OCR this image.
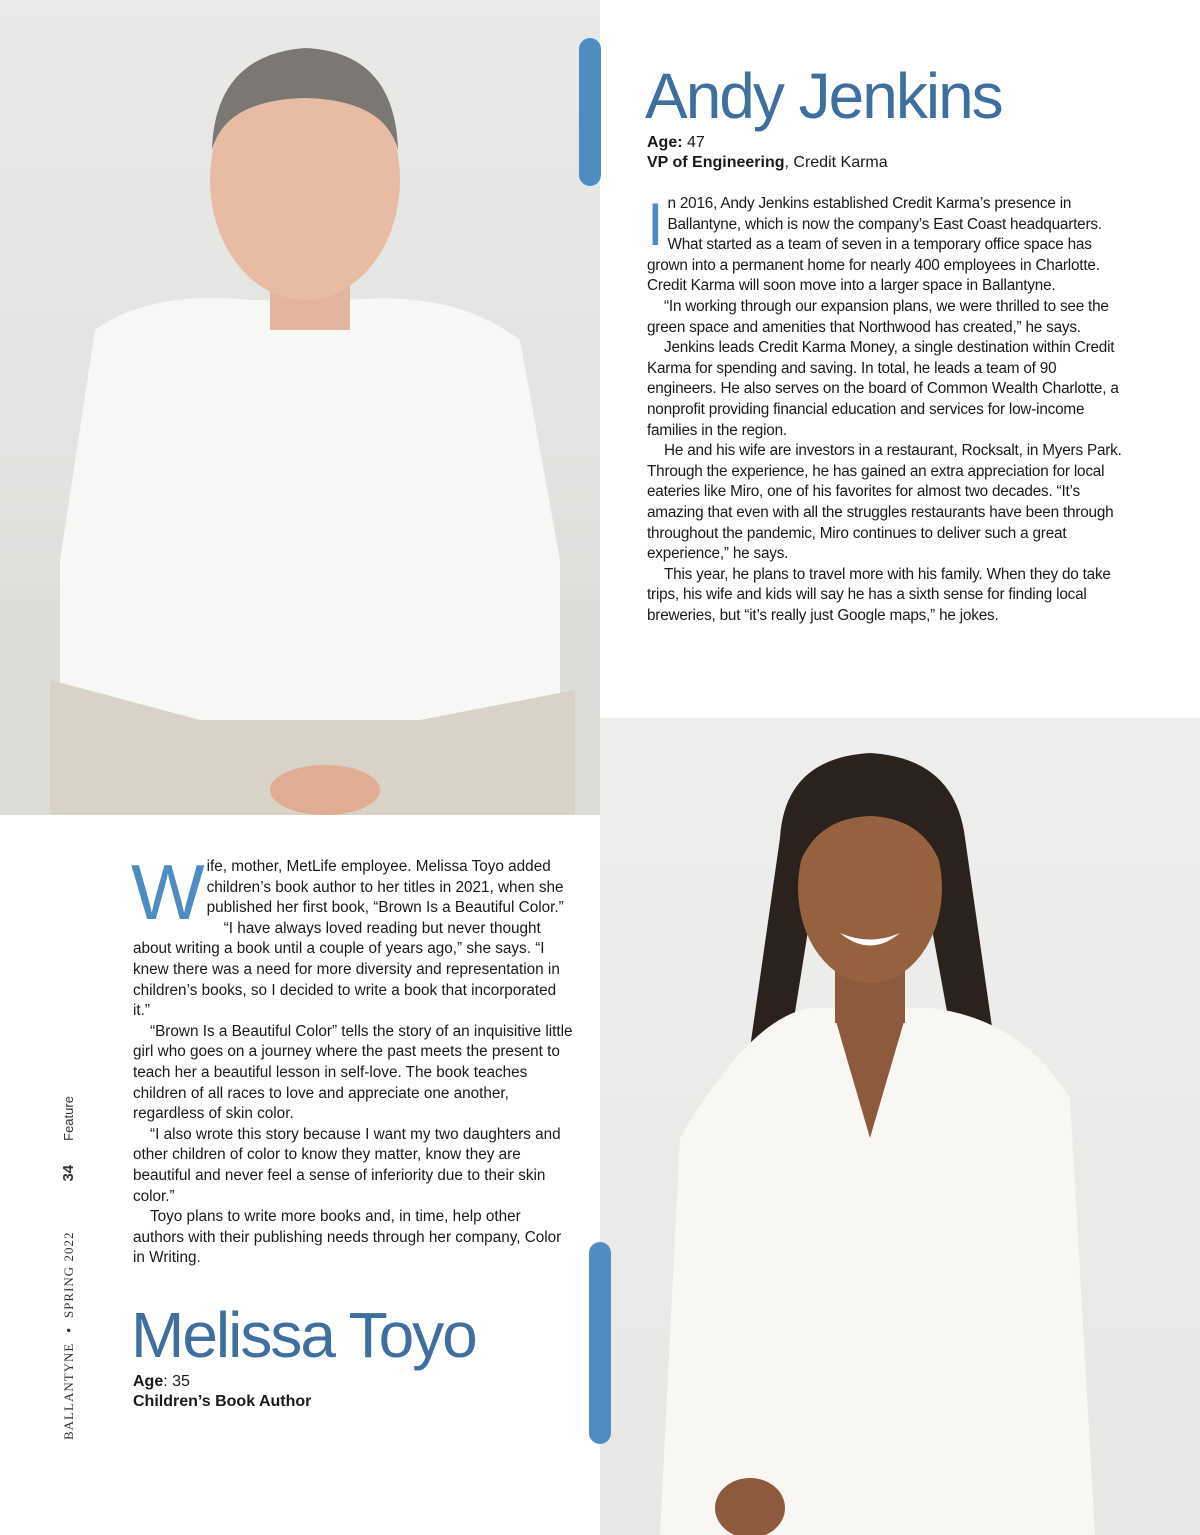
Andy Jenkins
Age: 47
VP of Engineering, Credit Karma

In 2016, Andy Jenkins established Credit Karma’s presence in Ballantyne, which is now the company’s East Coast headquarters. What started as a team of seven in a temporary office space has grown into a permanent home for nearly 400 employees in Charlotte. Credit Karma will soon move into a larger space in Ballantyne.

“In working through our expansion plans, we were thrilled to see the green space and amenities that Northwood has created,” he says.

Jenkins leads Credit Karma Money, a single destination within Credit Karma for spending and saving. In total, he leads a team of 90 engineers. He also serves on the board of Common Wealth Charlotte, a nonprofit providing financial education and services for low-income families in the region.

He and his wife are investors in a restaurant, Rocksalt, in Myers Park. Through the experience, he has gained an extra appreciation for local eateries like Miro, one of his favorites for almost two decades. “It’s amazing that even with all the struggles restaurants have been through throughout the pandemic, Miro continues to deliver such a great experience,” he says.

This year, he plans to travel more with his family. When they do take trips, his wife and kids will say he has a sixth sense for finding local breweries, but “it’s really just Google maps,” he jokes.

Wife, mother, MetLife employee. Melissa Toyo added children’s book author to her titles in 2021, when she published her first book, “Brown Is a Beautiful Color.”

“I have always loved reading but never thought about writing a book until a couple of years ago,” she says. “I knew there was a need for more diversity and representation in children’s books, so I decided to write a book that incorporated it.”

“Brown Is a Beautiful Color” tells the story of an inquisitive little girl who goes on a journey where the past meets the present to teach her a beautiful lesson in self-love. The book teaches children of all races to love and appreciate one another, regardless of skin color.

“I also wrote this story because I want my two daughters and other children of color to know they matter, know they are beautiful and never feel a sense of inferiority due to their skin color.”

Toyo plans to write more books and, in time, help other authors with their publishing needs through her company, Color in Writing.

Melissa Toyo
Age: 35
Children’s Book Author
BALLANTYNE
•
SPRING 2022
34
Feature
